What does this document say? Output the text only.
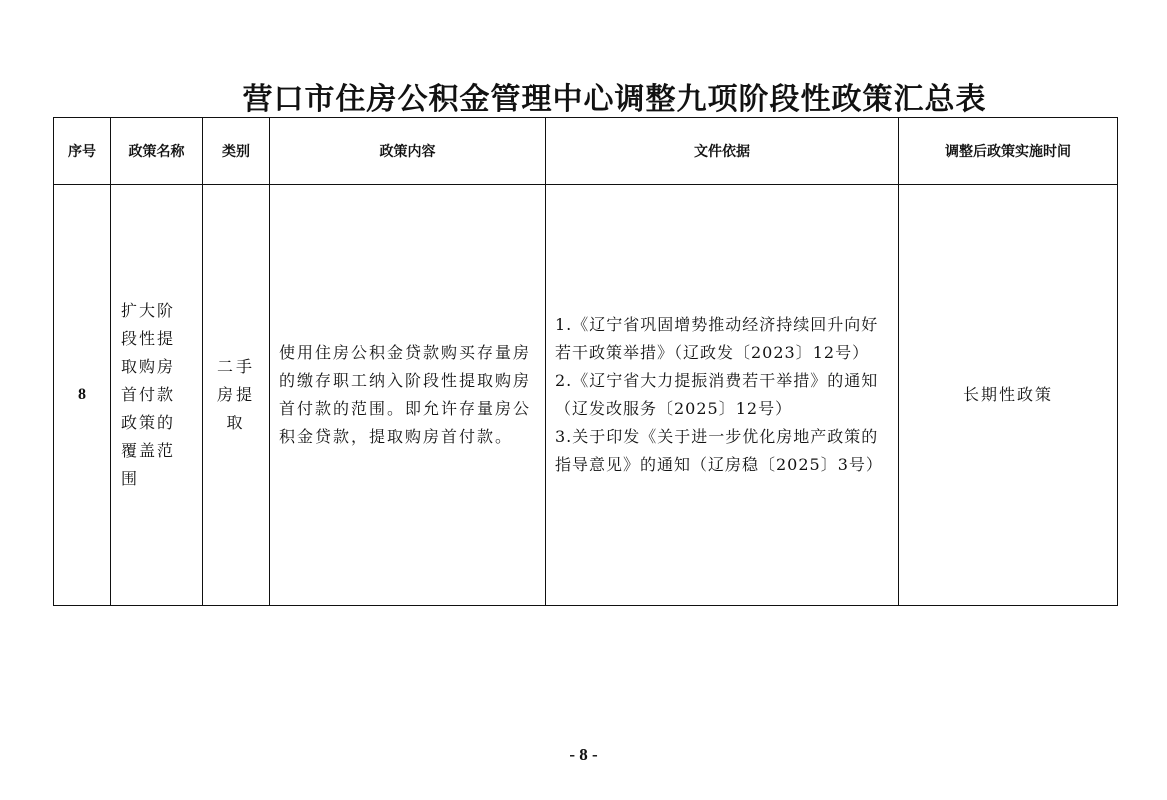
营口市住房公积金管理中心调整九项阶段性政策汇总表
序号	政策名称	类别	政策内容	文件依据	调整后政策实施时间
8	扩大阶段性提取购房首付款政策的覆盖范围	二手房提取	使用住房公积金贷款购买存量房的缴存职工纳入阶段性提取购房首付款的范围。即允许存量房公积金贷款，提取购房首付款。	1.《辽宁省巩固增势推动经济持续回升向好若干政策举措》（辽政发〔2023〕12号）
2.《辽宁省大力提振消费若干举措》的通知（辽发改服务〔2025〕12号）
3.关于印发《关于进一步优化房地产政策的指导意见》的通知（辽房稳〔2025〕3号）	长期性政策
- 8 -
